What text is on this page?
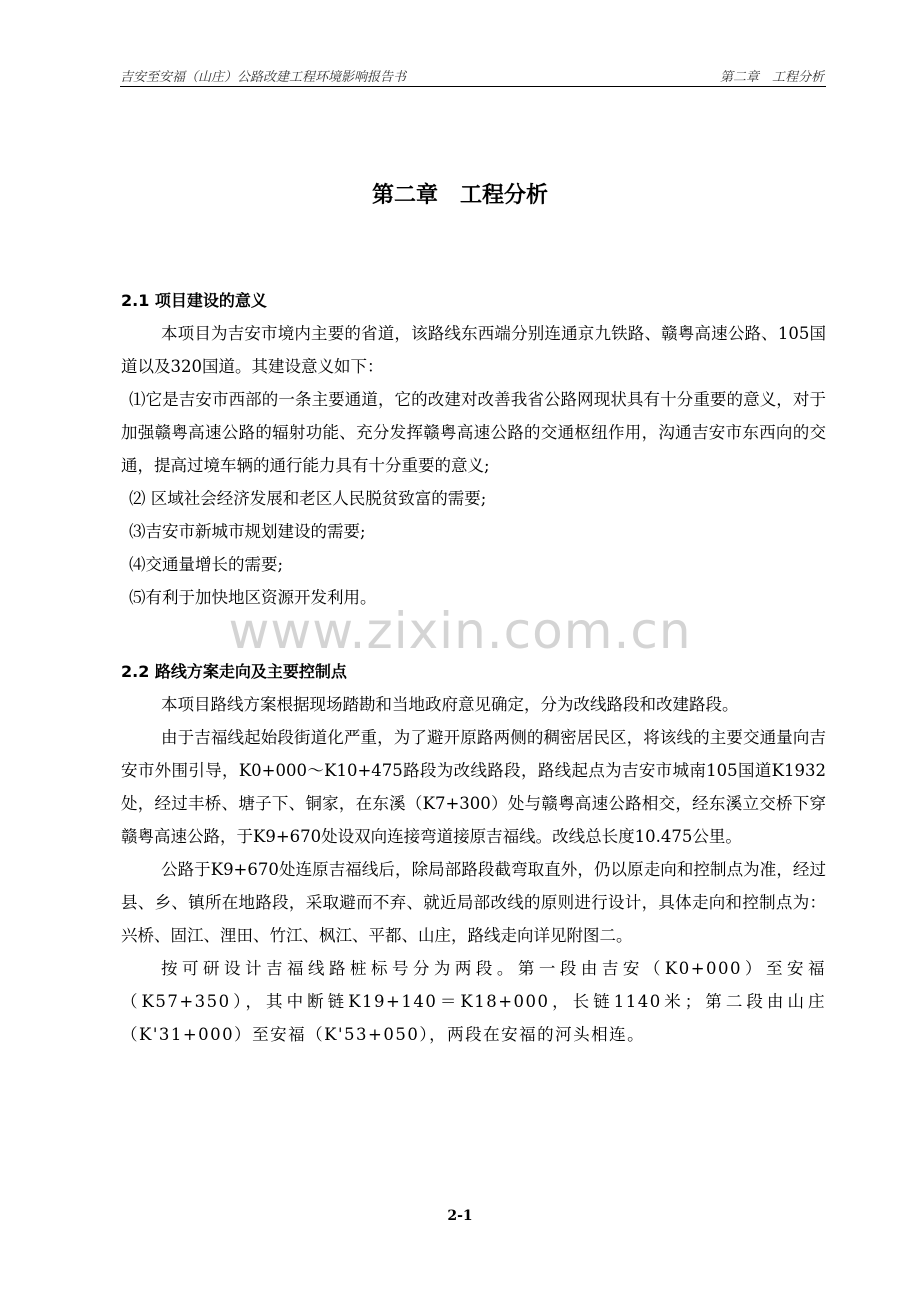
吉安至安福（山庄）公路改建工程环境影响报告书	第二章　工程分析
www.zixin.com.cn
第二章　工程分析
2.1 项目建设的意义

本项目为吉安市境内主要的省道，该路线东西端分别连通京九铁路、赣粤高速公路、105国道以及320国道。其建设意义如下：

⑴它是吉安市西部的一条主要通道，它的改建对改善我省公路网现状具有十分重要的意义，对于加强赣粤高速公路的辐射功能、充分发挥赣粤高速公路的交通枢纽作用，沟通吉安市东西向的交通，提高过境车辆的通行能力具有十分重要的意义;

⑵ 区域社会经济发展和老区人民脱贫致富的需要;

⑶吉安市新城市规划建设的需要;

⑷交通量增长的需要;

⑸有利于加快地区资源开发利用。

2.2 路线方案走向及主要控制点

本项目路线方案根据现场踏勘和当地政府意见确定，分为改线路段和改建路段。

由于吉福线起始段街道化严重，为了避开原路两侧的稠密居民区，将该线的主要交通量向吉安市外围引导，K0+000～K10+475路段为改线路段，路线起点为吉安市城南105国道K1932处，经过丰桥、塘子下、铜家，在东溪（K7+300）处与赣粤高速公路相交，经东溪立交桥下穿赣粤高速公路，于K9+670处设双向连接弯道接原吉福线。改线总长度10.475公里。

公路于K9+670处连原吉福线后，除局部路段截弯取直外，仍以原走向和控制点为准，经过县、乡、镇所在地路段，采取避而不弃、就近局部改线的原则进行设计，具体走向和控制点为：兴桥、固江、浬田、竹江、枫江、平都、山庄，路线走向详见附图二。

按可研设计吉福线路桩标号分为两段。第一段由吉安（K0+000）至安福（K57+350），其中断链K19+140＝K18+000，长链1140米；第二段由山庄（K'31+000）至安福（K'53+050），两段在安福的河头相连。

2-1
